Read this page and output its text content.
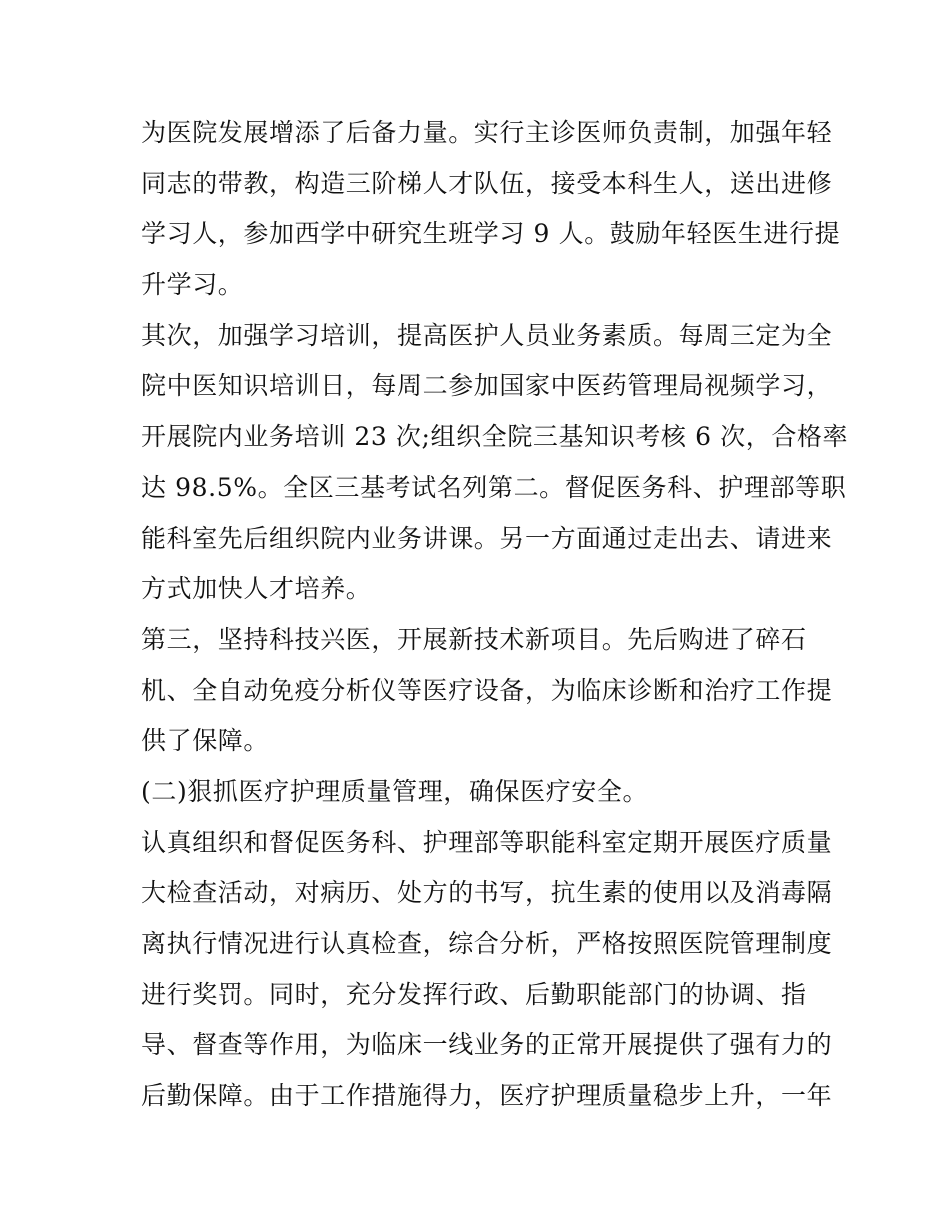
为医院发展增添了后备力量。实行主诊医师负责制，加强年轻
同志的带教，构造三阶梯人才队伍，接受本科生人，送出进修
学习人，参加西学中研究生班学习 9 人。鼓励年轻医生进行提
升学习。
其次，加强学习培训，提高医护人员业务素质。每周三定为全
院中医知识培训日，每周二参加国家中医药管理局视频学习，
开展院内业务培训 23 次;组织全院三基知识考核 6 次，合格率
达 98.5%。全区三基考试名列第二。督促医务科、护理部等职
能科室先后组织院内业务讲课。另一方面通过走出去、请进来
方式加快人才培养。
第三，坚持科技兴医，开展新技术新项目。先后购进了碎石
机、全自动免疫分析仪等医疗设备，为临床诊断和治疗工作提
供了保障。
(二)狠抓医疗护理质量管理，确保医疗安全。
认真组织和督促医务科、护理部等职能科室定期开展医疗质量
大检查活动，对病历、处方的书写，抗生素的使用以及消毒隔
离执行情况进行认真检查，综合分析，严格按照医院管理制度
进行奖罚。同时，充分发挥行政、后勤职能部门的协调、指
导、督查等作用，为临床一线业务的正常开展提供了强有力的
后勤保障。由于工作措施得力，医疗护理质量稳步上升，一年
